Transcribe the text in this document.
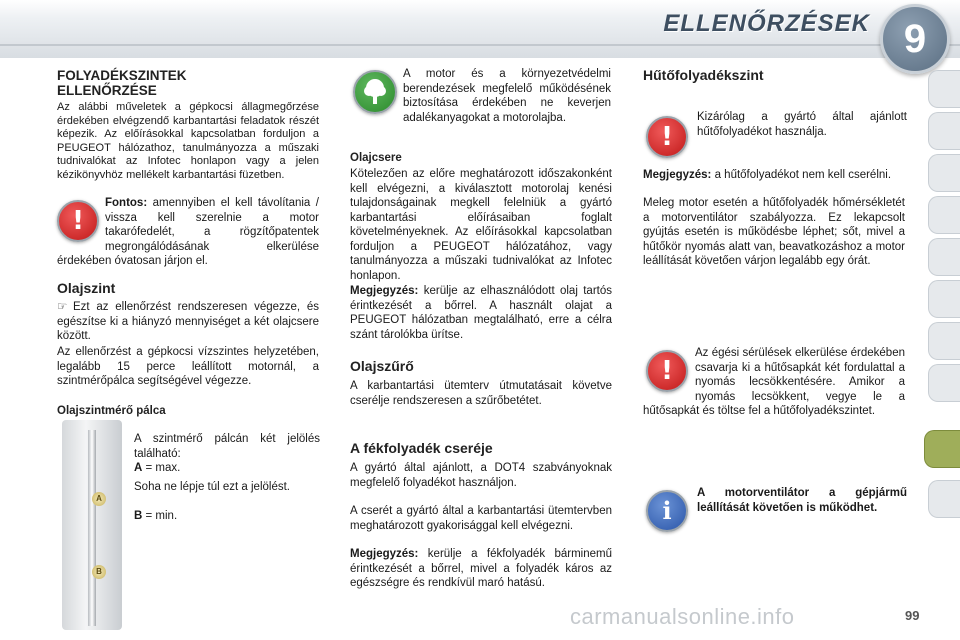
ELLENŐRZÉSEK 9
FOLYADÉKSZINTEK
ELLENŐRZÉSE
Az alábbi műveletek a gépkocsi állagmegőrzése érdekében elvégzendő karbantartási feladatok részét képezik. Az előírásokkal kapcsolatban forduljon a PEUGEOT hálózathoz, tanulmányozza a műszaki tudnivalókat az Infotec honlapon vagy a jelen kézikönyvhöz mellékelt karbantartási füzetben.
!
Fontos: amennyiben el kell távolítania / vissza kell szerelnie a motor takarófedelét, a rögzítőpatentek megrongálódásának elkerülése érdekében óvatosan járjon el.
Olajszint
☞ Ezt az ellenőrzést rendszeresen végezze, és egészítse ki a hiányzó mennyiséget a két olajcsere között.
Az ellenőrzést a gépkocsi vízszintes helyzetében, legalább 15 perce leállított motornál, a szintmérőpálca segítségével végezze.
Olajszintmérő pálca
A
B
A szintmérő pálcán két jelölés található:
A = max.
Soha ne lépje túl ezt a jelölést.
B = min.
A motor és a környezetvédelmi berendezések megfelelő működésének biztosítása érdekében ne keverjen adalékanyagokat a motorolajba.
Olajcsere
Kötelezően az előre meghatározott időszakonként kell elvégezni, a kiválasztott motorolaj kenési tulajdonságainak megkell felelniük a gyártó karbantartási előírásaiban foglalt követelményeknek. Az előírásokkal kapcsolatban forduljon a PEUGEOT hálózatához, vagy tanulmányozza a műszaki tudnivalókat az Infotec honlapon.
Megjegyzés: kerülje az elhasználódott olaj tartós érintkezését a bőrrel. A használt olajat a PEUGEOT hálózatban megtalálható, erre a célra szánt tárolókba ürítse.
Olajszűrő
A karbantartási ütemterv útmutatásait követve cserélje rendszeresen a szűrőbetétet.
A fékfolyadék cseréje
A gyártó által ajánlott, a DOT4 szabványoknak megfelelő folyadékot használjon.
A cserét a gyártó által a karbantartási ütemtervben meghatározott gyakorisággal kell elvégezni.
Megjegyzés: kerülje a fékfolyadék bárminemű érintkezését a bőrrel, mivel a folyadék káros az egészségre és rendkívül maró hatású.
Hűtőfolyadékszint
!
Kizárólag a gyártó által ajánlott hűtőfolyadékot használja.
Megjegyzés: a hűtőfolyadékot nem kell cserélni.
Meleg motor esetén a hűtőfolyadék hőmérsékletét a motorventilátor szabályozza. Ez lekapcsolt gyújtás esetén is működésbe léphet; sőt, mivel a hűtőkör nyomás alatt van, beavatkozáshoz a motor leállítását követően várjon legalább egy órát.
!
Az égési sérülések elkerülése érdekében csavarja ki a hűtősapkát két fordulattal a nyomás lecsökkentésére. Amikor a nyomás lecsökkent, vegye le a hűtősapkát és töltse fel a hűtőfolyadékszintet.
i
A motorventilátor a gépjármű leállítását követően is működhet.
carmanualsonline.info	99
